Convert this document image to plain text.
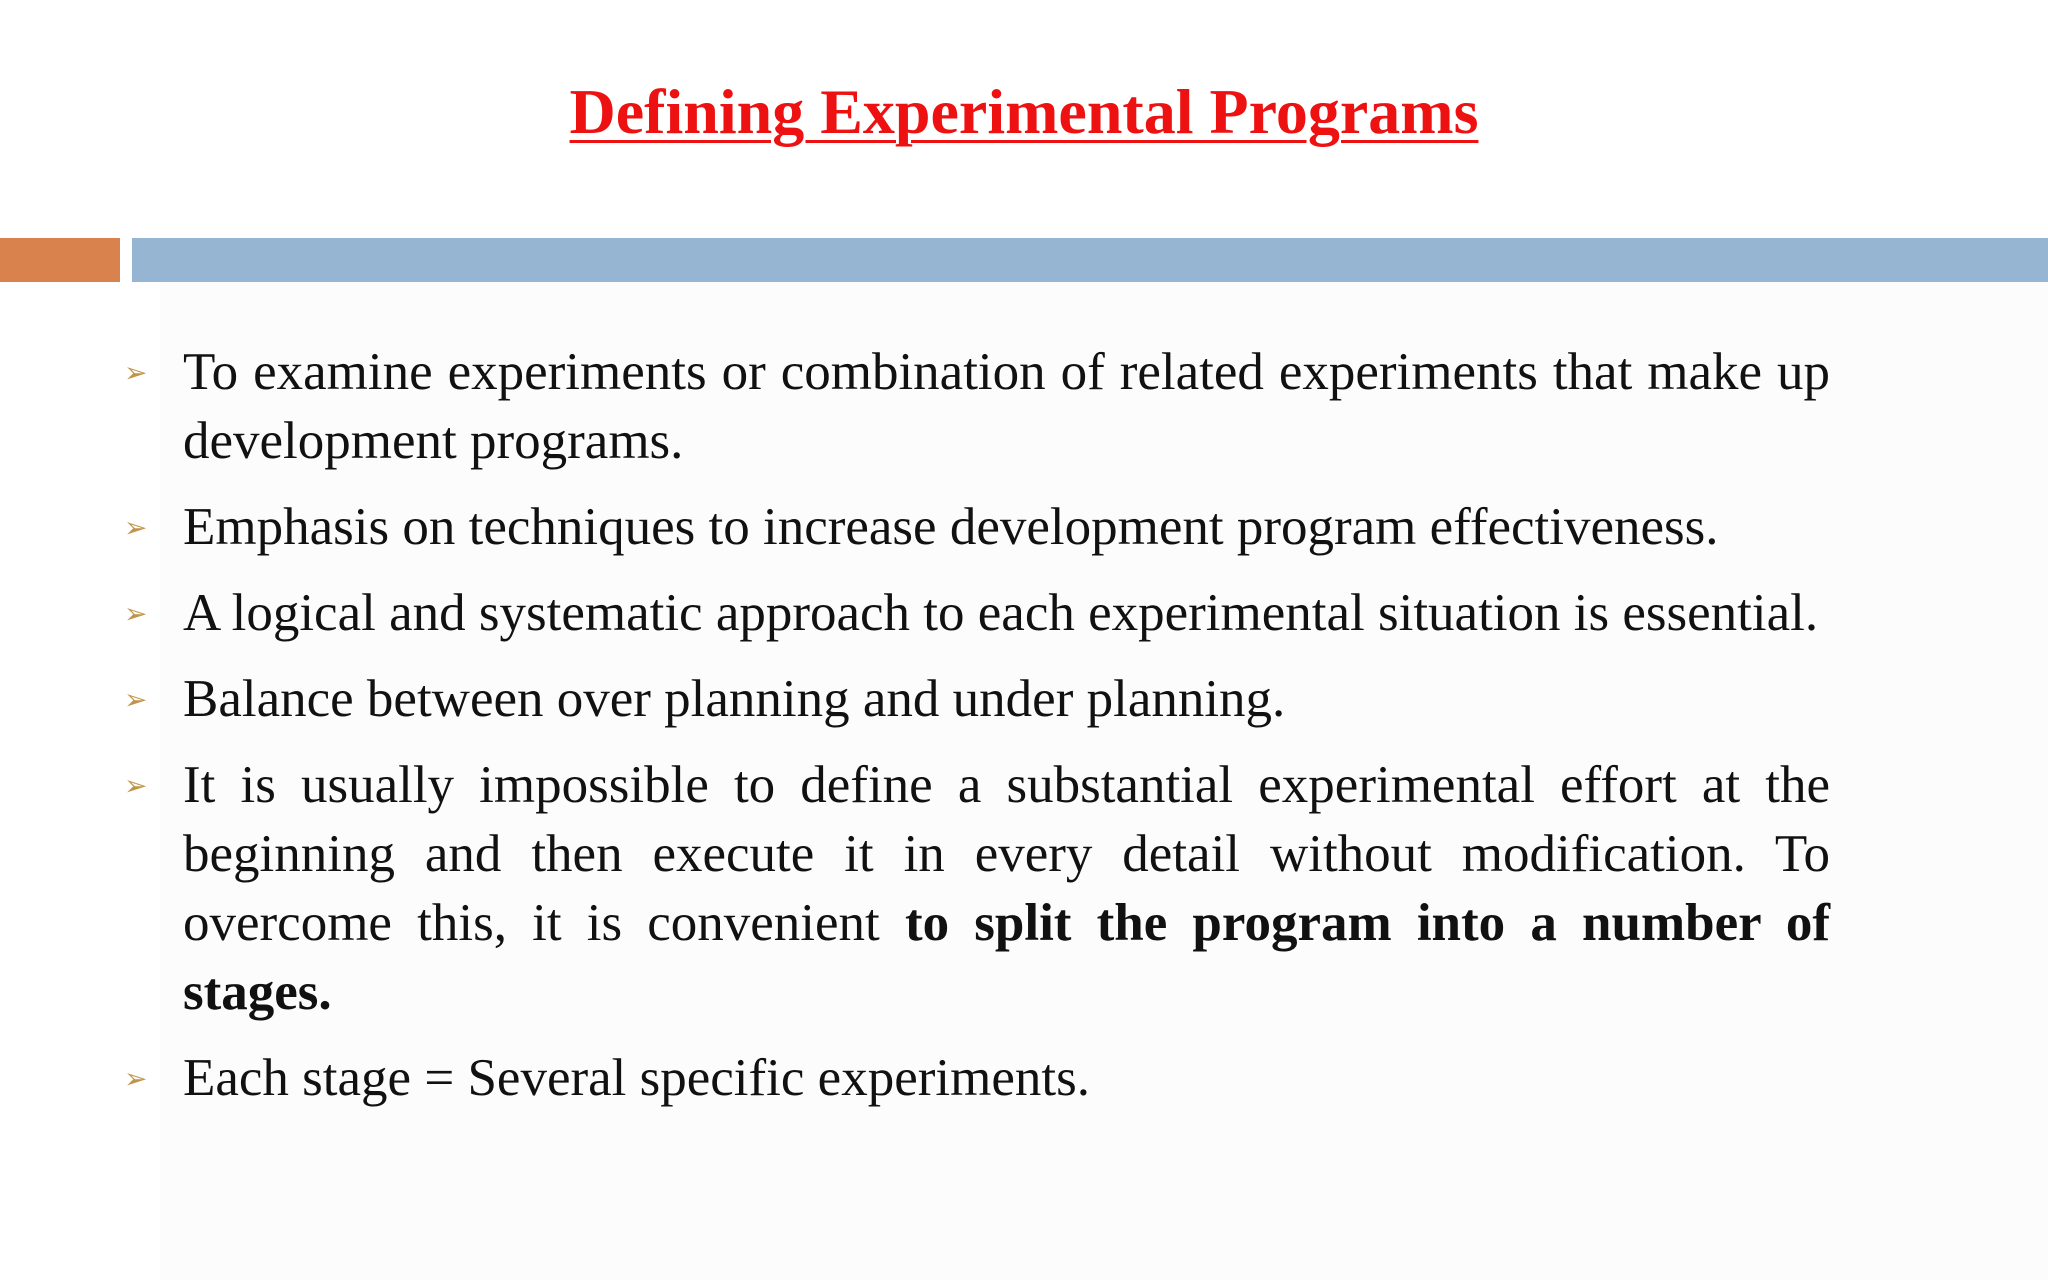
Defining Experimental Programs
➢ To examine experiments or combination of related experiments that make up development programs.
➢ Emphasis on techniques to increase development program effectiveness.
➢ A logical and systematic approach to each experimental situation is essential.
➢ Balance between over planning and under planning.
➢ It is usually impossible to define a substantial experimental effort at the beginning and then execute it in every detail without modification. To overcome this, it is convenient to split the program into a number of stages.
➢ Each stage = Several specific experiments.
